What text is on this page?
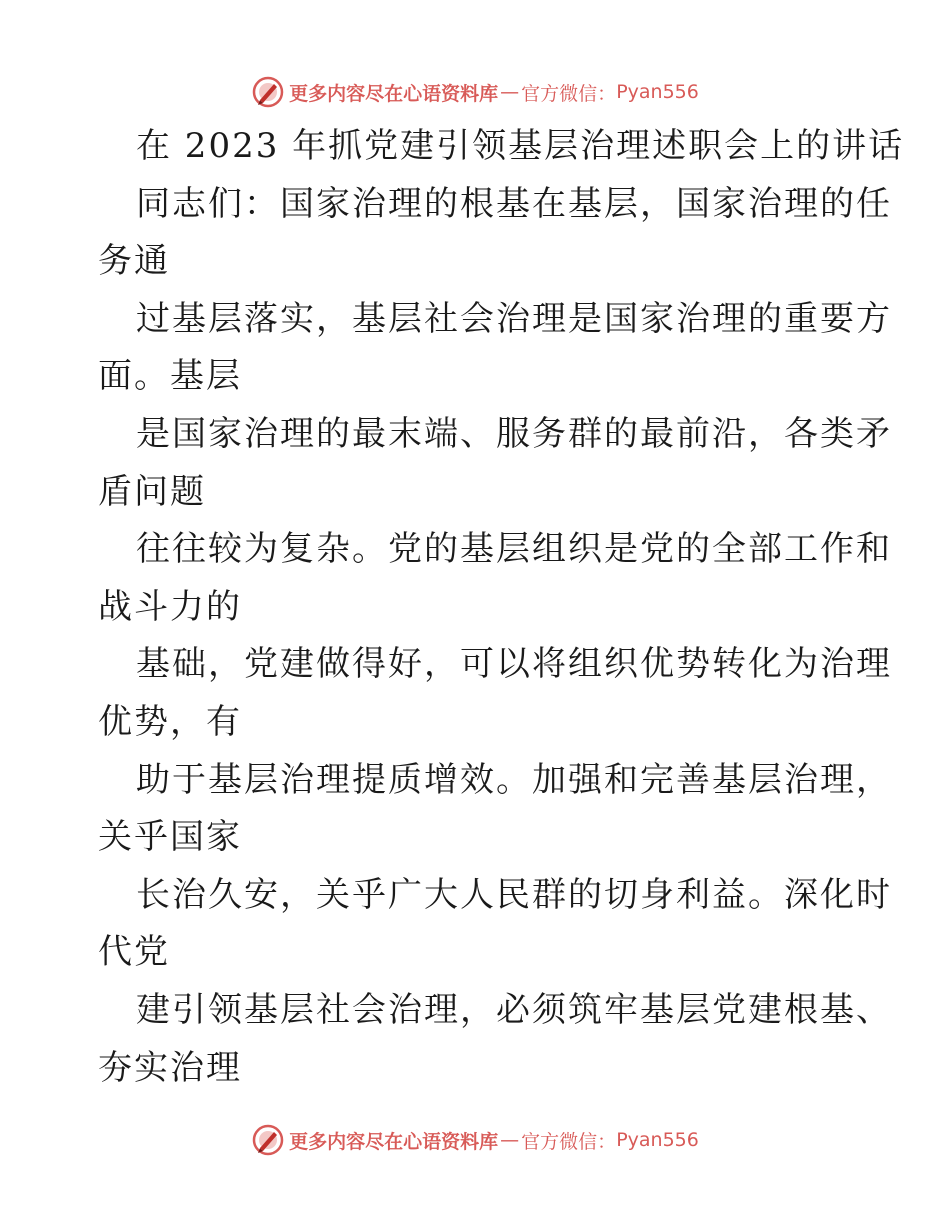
更多内容尽在心语资料库 — 官方微信： Pyan556
在 2023 年抓党建引领基层治理述职会上的讲话
同志们：国家治理的根基在基层，国家治理的任
务通
过基层落实，基层社会治理是国家治理的重要方
面。基层
是国家治理的最末端、服务群的最前沿，各类矛
盾问题
往往较为复杂。党的基层组织是党的全部工作和
战斗力的
基础，党建做得好，可以将组织优势转化为治理
优势，有
助于基层治理提质增效。加强和完善基层治理，
关乎国家
长治久安，关乎广大人民群的切身利益。深化时
代党
建引领基层社会治理，必须筑牢基层党建根基、
夯实治理
更多内容尽在心语资料库 — 官方微信： Pyan556
